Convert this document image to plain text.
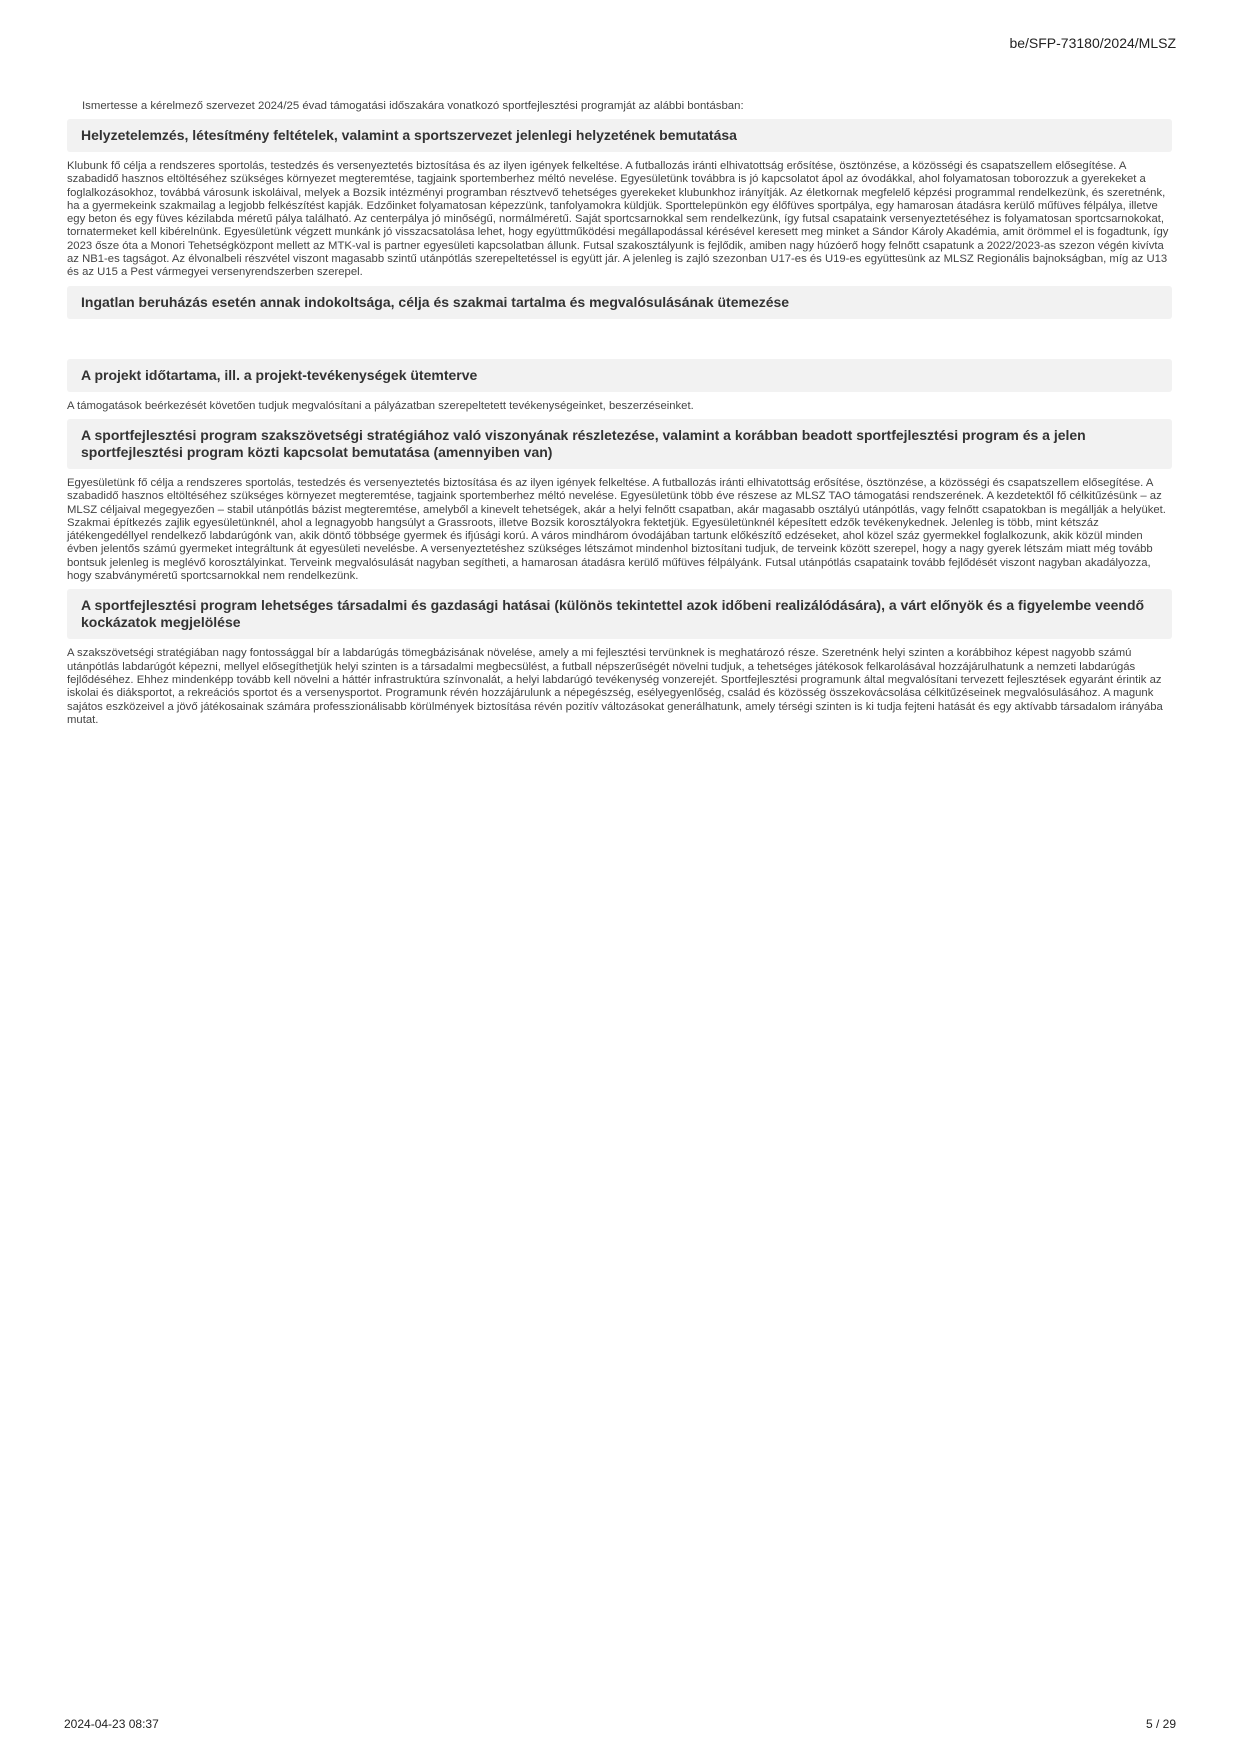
be/SFP-73180/2024/MLSZ

Ismertesse a kérelmező szervezet 2024/25 évad támogatási időszakára vonatkozó sportfejlesztési programját az alábbi bontásban:

Helyzetelemzés, létesítmény feltételek, valamint a sportszervezet jelenlegi helyzetének bemutatása

Klubunk fő célja a rendszeres sportolás, testedzés és versenyeztetés biztosítása és az ilyen igények felkeltése. A futballozás iránti elhivatottság erősítése, ösztönzése, a közösségi és csapatszellem elősegítése. A szabadidő hasznos eltöltéséhez szükséges környezet megteremtése, tagjaink sportemberhez méltó nevelése. Egyesületünk továbbra is jó kapcsolatot ápol az óvodákkal, ahol folyamatosan toborozzuk a gyerekeket a foglalkozásokhoz, továbbá városunk iskoláival, melyek a Bozsik intézményi programban résztvevő tehetséges gyerekeket klubunkhoz irányítják. Az életkornak megfelelő képzési programmal rendelkezünk, és szeretnénk, ha a gyermekeink szakmailag a legjobb felkészítést kapják. Edzőinket folyamatosan képezzünk, tanfolyamokra küldjük. Sporttelepünkön egy élőfüves sportpálya, egy hamarosan átadásra kerülő műfüves félpálya, illetve egy beton és egy füves kézilabda méretű pálya található. Az centerpálya jó minőségű, normálméretű. Saját sportcsarnokkal sem rendelkezünk, így futsal csapataink versenyeztetéséhez is folyamatosan sportcsarnokokat, tornatermeket kell kibérelnünk. Egyesületünk végzett munkánk jó visszacsatolása lehet, hogy együttműködési megállapodással kérésével keresett meg minket a Sándor Károly Akadémia, amit örömmel el is fogadtunk, így 2023 ősze óta a Monori Tehetségközpont mellett az MTK-val is partner egyesületi kapcsolatban állunk. Futsal szakosztályunk is fejlődik, amiben nagy húzóerő hogy felnőtt csapatunk a 2022/2023-as szezon végén kivívta az NB1-es tagságot. Az élvonalbeli részvétel viszont magasabb szintű utánpótlás szerepeltetéssel is együtt jár. A jelenleg is zajló szezonban U17-es és U19-es együttesünk az MLSZ Regionális bajnokságban, míg az U13 és az U15 a Pest vármegyei versenyrendszerben szerepel.

Ingatlan beruházás esetén annak indokoltsága, célja és szakmai tartalma és megvalósulásának ütemezése

A projekt időtartama, ill. a projekt-tevékenységek ütemterve

A támogatások beérkezését követően tudjuk megvalósítani a pályázatban szerepeltetett tevékenységeinket, beszerzéseinket.

A sportfejlesztési program szakszövetségi stratégiához való viszonyának részletezése, valamint a korábban beadott sportfejlesztési program és a jelen sportfejlesztési program közti kapcsolat bemutatása (amennyiben van)

Egyesületünk fő célja a rendszeres sportolás, testedzés és versenyeztetés biztosítása és az ilyen igények felkeltése. A futballozás iránti elhivatottság erősítése, ösztönzése, a közösségi és csapatszellem elősegítése. A szabadidő hasznos eltöltéséhez szükséges környezet megteremtése, tagjaink sportemberhez méltó nevelése. Egyesületünk több éve részese az MLSZ TAO támogatási rendszerének. A kezdetektől fő célkitűzésünk – az MLSZ céljaival megegyezően – stabil utánpótlás bázist megteremtése, amelyből a kinevelt tehetségek, akár a helyi felnőtt csapatban, akár magasabb osztályú utánpótlás, vagy felnőtt csapatokban is megállják a helyüket. Szakmai építkezés zajlik egyesületünknél, ahol a legnagyobb hangsúlyt a Grassroots, illetve Bozsik korosztályokra fektetjük. Egyesületünknél képesített edzők tevékenykednek. Jelenleg is több, mint kétszáz játékengedéllyel rendelkező labdarúgónk van, akik döntő többsége gyermek és ifjúsági korú. A város mindhárom óvodájában tartunk előkészítő edzéseket, ahol közel száz gyermekkel foglalkozunk, akik közül minden évben jelentős számú gyermeket integráltunk át egyesületi nevelésbe. A versenyeztetéshez szükséges létszámot mindenhol biztosítani tudjuk, de terveink között szerepel, hogy a nagy gyerek létszám miatt még tovább bontsuk jelenleg is meglévő korosztályinkat. Terveink megvalósulását nagyban segítheti, a hamarosan átadásra kerülő műfüves félpályánk. Futsal utánpótlás csapataink tovább fejlődését viszont nagyban akadályozza, hogy szabványméretű sportcsarnokkal nem rendelkezünk.

A sportfejlesztési program lehetséges társadalmi és gazdasági hatásai (különös tekintettel azok időbeni realizálódására), a várt előnyök és a figyelembe veendő kockázatok megjelölése

A szakszövetségi stratégiában nagy fontossággal bír a labdarúgás tömegbázisának növelése, amely a mi fejlesztési tervünknek is meghatározó része. Szeretnénk helyi szinten a korábbihoz képest nagyobb számú utánpótlás labdarúgót képezni, mellyel elősegíthetjük helyi szinten is a társadalmi megbecsülést, a futball népszerűségét növelni tudjuk, a tehetséges játékosok felkarolásával hozzájárulhatunk a nemzeti labdarúgás fejlődéséhez. Ehhez mindenképp tovább kell növelni a háttér infrastruktúra színvonalát, a helyi labdarúgó tevékenység vonzerejét. Sportfejlesztési programunk által megvalósítani tervezett fejlesztések egyaránt érintik az iskolai és diáksportot, a rekreációs sportot és a versenysportot. Programunk révén hozzájárulunk a népegészség, esélyegyenlőség, család és közösség összekovácsolása célkitűzéseinek megvalósulásához. A magunk sajátos eszközeivel a jövő játékosainak számára professzionálisabb körülmények biztosítása révén pozitív változásokat generálhatunk, amely térségi szinten is ki tudja fejteni hatását és egy aktívabb társadalom irányába mutat.

2024-04-23 08:37	5 / 29
